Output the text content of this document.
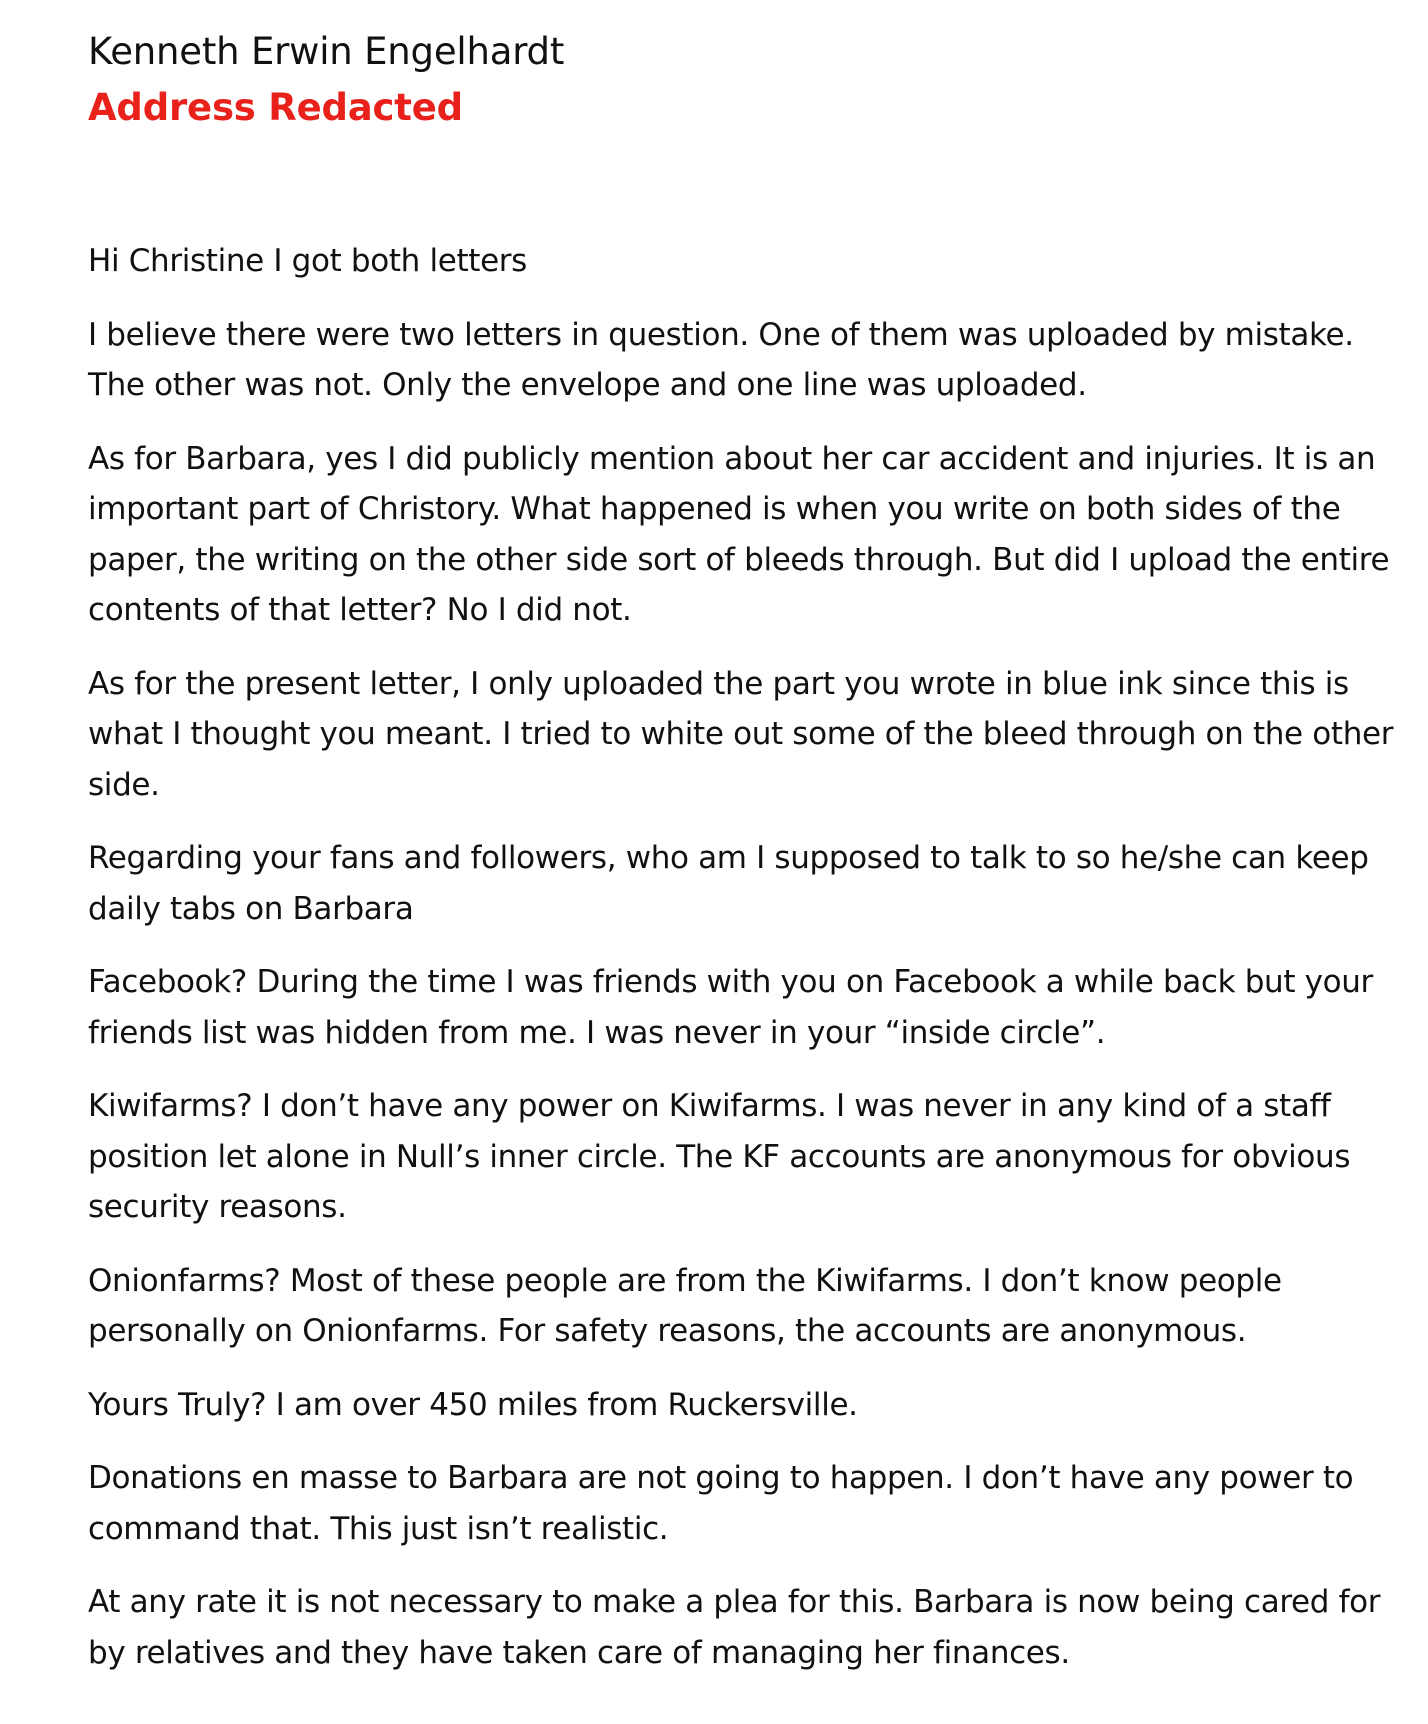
Kenneth Erwin Engelhardt
Address Redacted

Hi Christine I got both letters

I believe there were two letters in question. One of them was uploaded by mistake. The other was not. Only the envelope and one line was uploaded.

As for Barbara, yes I did publicly mention about her car accident and injuries. It is an important part of Christory. What happened is when you write on both sides of the paper, the writing on the other side sort of bleeds through. But did I upload the entire contents of that letter? No I did not.

As for the present letter, I only uploaded the part you wrote in blue ink since this is what I thought you meant. I tried to white out some of the bleed through on the other side.

Regarding your fans and followers, who am I supposed to talk to so he/she can keep daily tabs on Barbara

Facebook? During the time I was friends with you on Facebook a while back but your friends list was hidden from me. I was never in your “inside circle”.

Kiwifarms? I don’t have any power on Kiwifarms. I was never in any kind of a staff position let alone in Null’s inner circle. The KF accounts are anonymous for obvious security reasons.

Onionfarms? Most of these people are from the Kiwifarms. I don’t know people personally on Onionfarms. For safety reasons, the accounts are anonymous.

Yours Truly? I am over 450 miles from Ruckersville.

Donations en masse to Barbara are not going to happen. I don’t have any power to command that. This just isn’t realistic.

At any rate it is not necessary to make a plea for this. Barbara is now being cared for by relatives and they have taken care of managing her finances.
